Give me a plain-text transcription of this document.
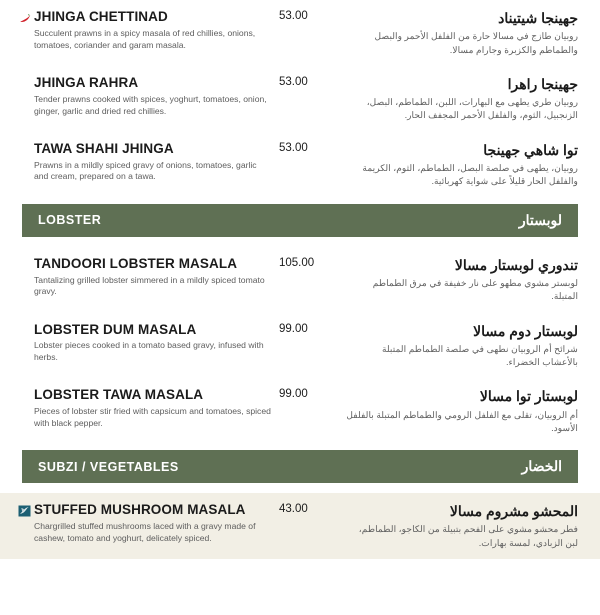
JHINGA CHETTINAD
Succulent prawns in a spicy masala of red chillies, onions, tomatoes, coriander and garam masala.
53.00	جهينجا شيتيناد
روبيان طازج في مسالا حارة من الفلفل الأحمر والبصل والطماطم والكزبرة وجارام مسالا.
JHINGA RAHRA
Tender prawns cooked with spices, yoghurt, tomatoes, onion, ginger, garlic and dried red chillies.
53.00	جهينجا راهرا
روبيان طري يطهى مع البهارات، اللبن، الطماطم، البصل، الزنجبيل، الثوم، والفلفل الأحمر المجفف الحار.
TAWA SHAHI JHINGA
Prawns in a mildly spiced gravy of onions, tomatoes, garlic and cream, prepared on a tawa.
53.00	توا شاهي جهينجا
روبيان، يطهى في صلصة البصل، الطماطم، الثوم، الكريمة والفلفل الحار قليلاً على شواية كهربائية.
LOBSTER	لوبستار
TANDOORI LOBSTER MASALA
Tantalizing grilled lobster simmered in a mildly spiced tomato gravy.
105.00	تندوري لوبستار مسالا
لوبستر مشوي مطهو على نار خفيفة في مرق الطماطم المتبلة.
LOBSTER DUM MASALA
Lobster pieces cooked in a tomato based gravy, infused with herbs.
99.00	لوبستار دوم مسالا
شرائح أم الروبيان نطهى في صلصة الطماطم المتبلة بالأعشاب الخضراء.
LOBSTER TAWA MASALA
Pieces of lobster stir fried with capsicum and tomatoes, spiced with black pepper.
99.00	لوبستار توا مسالا
أم الروبيان، تقلى مع الفلفل الرومي والطماطم المتبلة بالفلفل الأسود.
SUBZI / VEGETABLES	الخضار
STUFFED MUSHROOM MASALA
Chargrilled stuffed mushrooms laced with a gravy made of cashew, tomato and yoghurt, delicately spiced.
43.00	المحشو مشروم مسالا
فطر محشو مشوي على الفحم بتبيلة من الكاجو، الطماطم، لبن الزبادي، لمسة بهارات.
